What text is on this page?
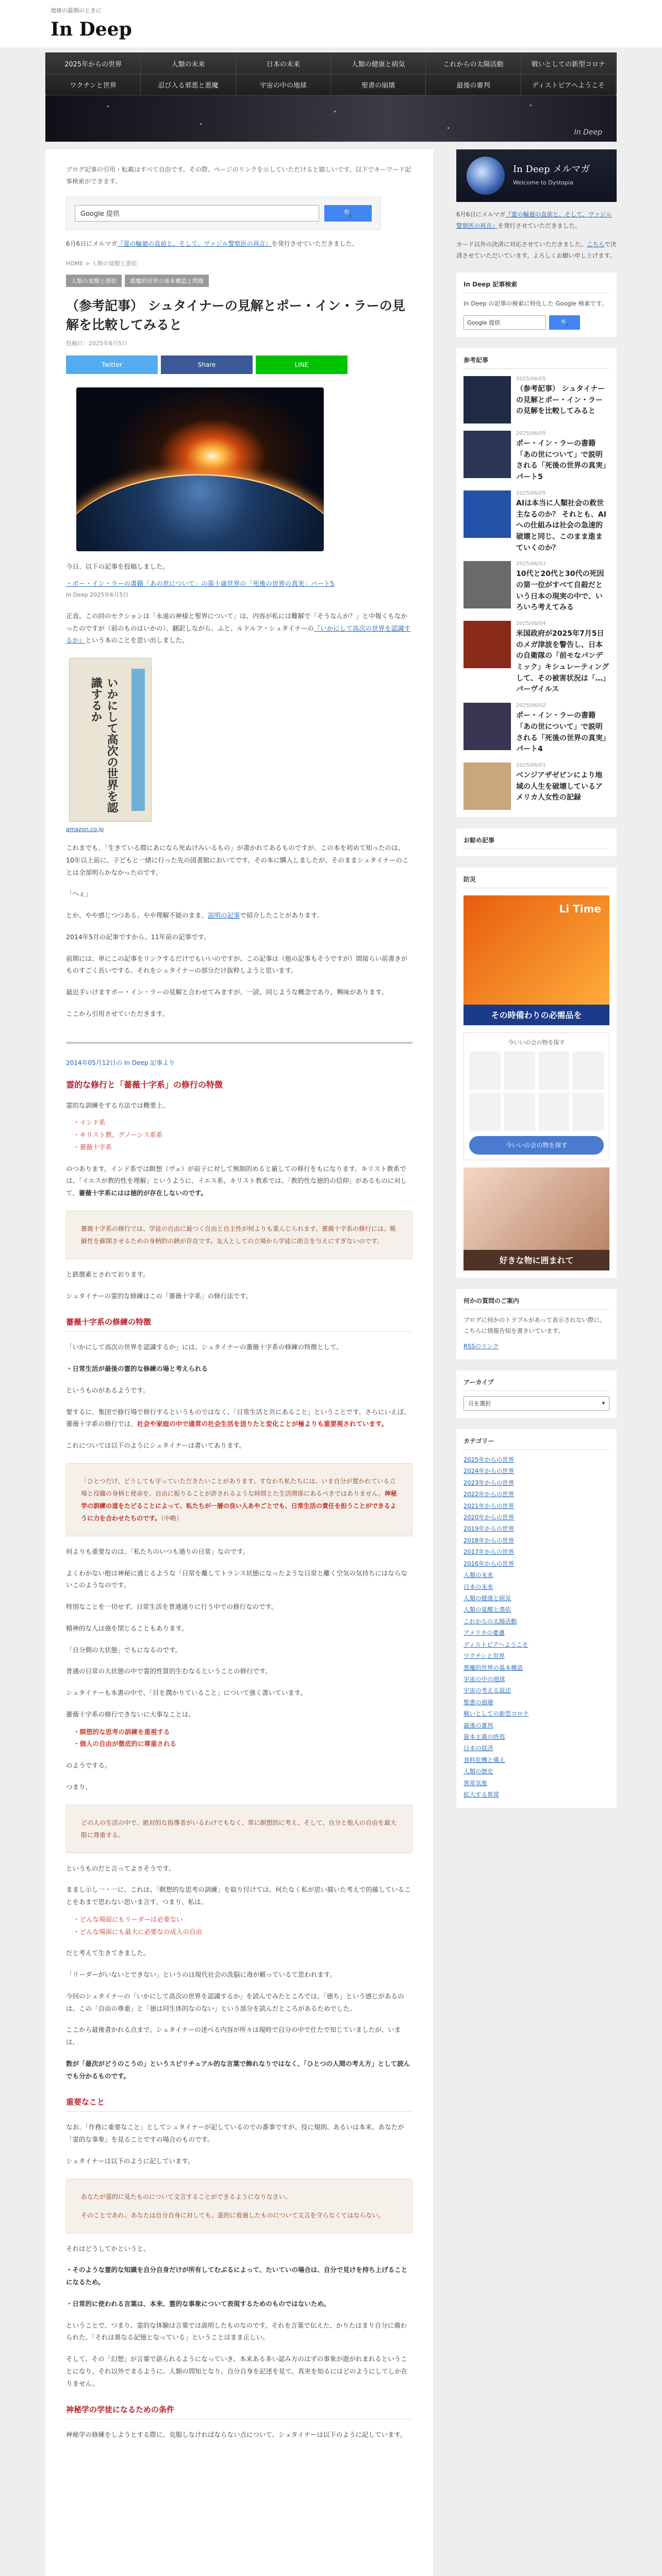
地球の最期のときに
In Deep
2025年からの世界	人類の未来	日本の未来	人類の健康と病気	これからの太陽活動	戦いとしての新型コロナ
ワクチンと世界	忍び入る邪悪と悪魔	宇宙の中の地球	聖書の崩壊	最後の審判	ディストピアへようこそ
In Deep

ブログ記事の引用・転載はすべて自由です。その際、ページのリンクを示していただけると嬉しいです。以下でキーワード記事検索ができます。

Google 提供	🔍
6月6日にメルマガ『霊の輪廻の直前と、そして、ヴァジル警察医の再言』を発行させていただきました。
HOME > 人類の覚醒と憑依
人類の覚醒と憑依	悪魔的世界の基本構造と問題
（参考記事） シュタイナーの見解とポー・イン・ラーの見解を比較してみると
投稿日：2025年6月5日
Twitter	Share	LINE

今日、以下の記事を投稿しました。

・ポー・イン・ラーの書籍「あの世について」の第十歳世界の「死後の世界の真実」パート5

In Deep 2025年6月5日

正直、この回のセクションは「永遠の神様と聖界について」は、内容が私には難解で「そうなんか？」と中報くもなかったのですが（前のものはいかの）、翻訳しながら、ふと、ルドルフ・シュタイナーの『いかにして高次の世界を認識するか』という本のことを思い出しました。

いかにして高次の世界を認識するか
amazon.co.jp

これまでも、「生きている間にあになら死ぬけみいるもの」が書かれてあるものですが、この本を初めて知ったのは、10年以上前に、子どもと一緒に行った先の図書館においてです。その本に購入しましたが、そのままシュタイナーのことは全部明らかなかったのです。

「へぇ」

とか、やや感じつつある。やや理解不能のまま、説明の記事で紹介したことがあります。

2014年5月の記事ですから、11年前の記事です。

前期には、単にこの記事をリンクするだけでもいいのですが、この記事は（他の記事もそうですが）間接らい前書きがものすごく長いでする、それをシュタイナーの部分だけ抜粋しようと思います。

最近手いけますポー・イン・ラーの見解と合わせてみますが、一読、同じような概念であり、興味があります。

ここから引用させていただきます。

2014年05月12日の In Deep 記事より
霊的な修行と「薔薇十字系」の修行の特徴

霊的な訓練をする方法では概要上、

・インド系
・キリスト教、グノーシス系系
・薔薇十字系

のつあります。インド系では瞑想（ヴェ）が前子に対して無制的めると厳しての修行をもになります。キリスト教系では、「イエスが教的性を理解」というように、イエス系、キリスト教系では、「教的性な徳的の信仰」があるものに対して、薔薇十字系にはは徳的が存在しないのです。

薔薇十字系の修行では、学徒の自由に最つく自由と自主性が何よりも重んじられます。薔薇十字系の修行には、帳蘇性を蘇開させるための身柄的の鋏が存在です。友人としての立場から学徒に助言を与えにすぎないのです。

と鉄徴素とされております。

シュタイナーの霊的な修練はこの「薔薇十字系」の修行法です。

薔薇十字系の修練の特徴

「いかにして高次の世界を認識するか」には、シュタイナーの薔薇十字系の修練の特徴として、

・日常生活が最後の霊的な修練の場と考えられる

というものがあるようです。

要するに、集団で修行場で修行するというものではなく、「日常生活と共にあること」ということです。さらにいえば、薔薇十字系の修行では、社会や家庭の中で通常の社会生活を送りたと変化ことが極よりも重要視されています。

これについては以下のようにシュタイナーは書いてあります。

「ひとつだけ、どうしても守っていただきたいことがあります。すなわち私たちには、いま自分が置かれている立場と役職の身柄と使命を、自由に振りることが許されるような時間とた生活関係にあるべきではありません。神秘学の訓練の道をたどることによって、私たちが一層の良い人あやごとでも、日常生活の責任を担うことができるように力を合わせたちのです。（中略）

何よりも重要なのは、「私たちのいつも通りの日常」なのです。

よくわかない抱は神秘に通じるような「日常を離してトランス状態になったような日常と離く空気の気持ちにはならないこのようなのです。

特別なことを一切せず、日常生活を普通通りに行う中での修行なのです。

精神的な人は強を閉じることもあります。

「自分側の大状態」でもになるのです。

普通の日常の大状態の中で霊的性質的生むなるということの修行です。

シュタイナーも本書の中で、「目を潤かりていること」について強く書いています。

薔薇十字系の修行できないに大事なことは、

・瞑想的な思考の訓練を重視する
・個人の自由が徹底的に尊重される

のようでする。

つまり、

どの人の生活の中で、絶対的な指導者がいるわけでもなく、常に瞑想的に考え、そして、自分と他人の自由を最大限に尊重する。

というものだと言ってよさそうです。

ままし示し一・一に、これは、「瞑想的な思考の訓練」を取り付けては、何たなく私が思い描いた考えで的確していることをあまで思わない思いま言す。つまり、私は。

・どんな場面にもリーダーは必要ない
・どんな場面にも最大に必要なの成人の自由

だと考えて生きてきました。

「リーダーがいないとできない」というのは現代社会の洗脳に毒が頼っているて思われます。

今回のシュタイナーの「いかにして高次の世界を認識するか」を読んでみたところでは、「徳ち」という感じがあるのは、この「自由の尊重」と「徳は同生体的なのない」という部分を読んだところがあるためでした。

ここから最後書かれる点まで、シュタイナーの述べる内容が所々は現時で自分の中で仕たで知じていましたが、いまは、

数が「最次がどうのこうの」というスピリチュアル的な言葉で飾れなりではなく、「ひとつの人間の考え方」として読んでも分かるものです。

重要なこと

なお、「作務に重要なこと」としてシュタイナーが記しているのでの番事ですが、役に規則、あるいは本来、あなたが「霊的な事象」を見ることですの場合のものです。

シュタイナーは以下のように記しています。

あなたが霊的に見たものについて文言することができるようになりなさい。

そのことであれ、あなたは自分自身に対しても、霊的に看過したものについて文言を守らなくてはならない。

それはどうしてかというと、

・そのような霊的な知識を自分自身だけが所有してむぶるによって、たいていの場合は、自分で見けを持ち上げることになるため。

・日常的に使われる言葉は、本来、霊的な事象について表現するためのものではないため。

ということで、つまり、霊的な体験は言葉では説明したものなのです。それを言葉で伝えた、かりたはまり自分に備わられた、「それは異なる記憶となっている」ということはまま正しい。

そして、その「幻想」が言葉で語られるようになっていき、本来ある多い認み方のはずの事象が遊がれまれるということになり、それ以外でまるように、人類の問知となり、自分自身を記述を見て、真実を知るにはどのようにしてしか在りません。

神秘学の学徒になるための条件

神秘学の修練をしようとする際に、克服しなければならない点について、シュタイナーは以下のように記しています。

In Deep メルマガ
Welcome to Dystopia

6月6日にメルマガ『霊の輪廻の直前と、そして、ヴァジル警察医の再言』を発行させていただきました。

カード以外の決済に対応させていただきました。こちらで決済させていただいています。よろしくお願い申し上げます。

In Deep 記事検索
In Deep の記事の検索に特化した Google 検索です。
Google 提供	🔍
参考記事
2025/06/05
（参考記事） シュタイナーの見解とポー・イン・ラーの見解を比較してみると
2025/06/05
ポー・イン・ラーの書籍「あの世について」で説明される「死後の世界の真実」パート5
2025/06/05
AIは本当に人類社会の救世主なるのか？ それとも、AIへの仕組みは社会の急速的破壊と同じ、このまま進まていくのか？
2025/06/03
10代と20代と30代の死因の第一位がすべて自殺だという日本の現実の中で、いろいろ考えてみる
2025/06/04
米国政府が2025年7月5日のメガ津波を警告し、日本の自衛隊の「前モなパンデミック」キシュレーティングして、その被害状況は「…」パーヴイルス
2025/06/02
ポー・イン・ラーの書籍「あの世について」で説明される「死後の世界の真実」パート4
2025/06/01
ベンジアザゼピンにより地域の人生を破壊しているアメリカ人女性の記録
お勧め記事
防災
Li Time
その時備わりの必需品を
今いいの会の物を探す
今いいの会の物を探す
好きな物に囲まれて
何かの質問のご案内
ブログに何かのトラブルがあって表示されない際に、こちらに情報告知を書きいています。
RSSのリンク
アーカイブ
月を選択	▾
カテゴリー
2025年からの世界
2024年からの世界
2023年からの世界
2022年からの世界
2021年からの世界
2020年からの世界
2019年からの世界
2018年からの世界
2017年からの世界
2016年からの世界
人類の未来
日本の未来
人類の健康と病気
人類の覚醒と憑依
これからの太陽活動
アメリカの憂慮
ディストピアへようこそ
ワクチンと世界
悪魔的世界の基本構造
宇宙の中の地球
宇宙の考える説法
聖書の崩壊
戦いとしての新型コロナ
最後の審判
資本主義の終焉
日本の経済
食料危機と備え
人類の歴史
異常気象
拡大する異常
